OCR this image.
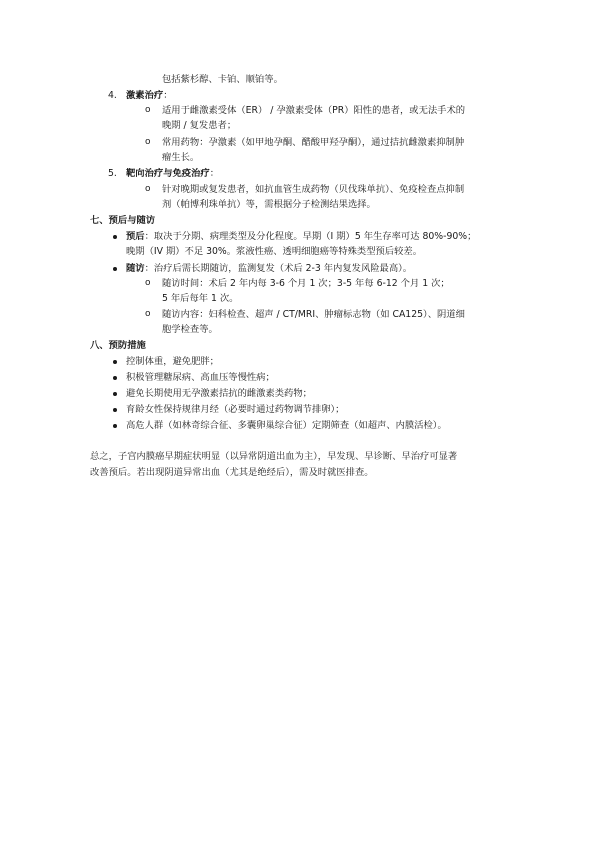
包括紫杉醇、卡铂、顺铂等。
4. 激素治疗：
o 适用于雌激素受体（ER） / 孕激素受体（PR）阳性的患者，或无法手术的
晚期 / 复发患者；
o 常用药物：孕激素（如甲地孕酮、醋酸甲羟孕酮），通过拮抗雌激素抑制肿
瘤生长。
5. 靶向治疗与免疫治疗：
o 针对晚期或复发患者，如抗血管生成药物（贝伐珠单抗）、免疫检查点抑制
剂（帕博利珠单抗）等，需根据分子检测结果选择。
七、预后与随访
预后：取决于分期、病理类型及分化程度。早期（I 期）5 年生存率可达 80%-90%；
晚期（IV 期）不足 30%。浆液性癌、透明细胞癌等特殊类型预后较差。
随访：治疗后需长期随访，监测复发（术后 2-3 年内复发风险最高）。
o 随访时间：术后 2 年内每 3-6 个月 1 次；3-5 年每 6-12 个月 1 次；
5 年后每年 1 次。
o 随访内容：妇科检查、超声 / CT/MRI、肿瘤标志物（如 CA125）、阴道细
胞学检查等。
八、预防措施
控制体重，避免肥胖；
积极管理糖尿病、高血压等慢性病；
避免长期使用无孕激素拮抗的雌激素类药物；
育龄女性保持规律月经（必要时通过药物调节排卵）；
高危人群（如林奇综合征、多囊卵巢综合征）定期筛查（如超声、内膜活检）。
总之，子宫内膜癌早期症状明显（以异常阴道出血为主），早发现、早诊断、早治疗可显著
改善预后。若出现阴道异常出血（尤其是绝经后），需及时就医排查。
